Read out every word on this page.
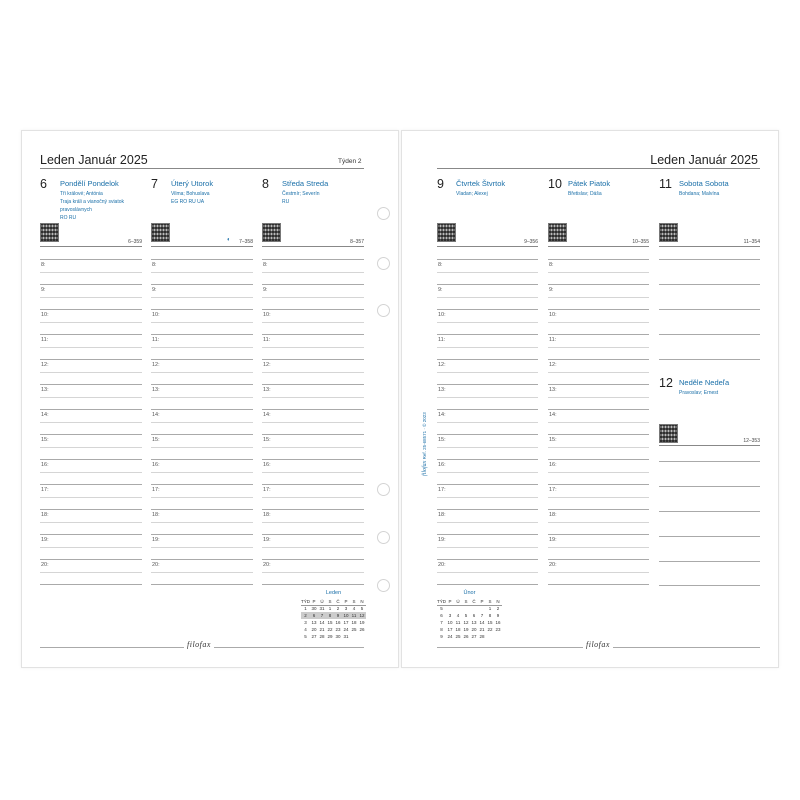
Leden Január 2025	Týden 2
6 Pondělí Pondelok
Tři králové; Antónia
Traja králi a vianočný sviatok
pravoslávnych
RO RU
6–359
7 Úterý Utorok
Vilma; Bohuslava
EG RO RU UA
◐ 7–358
8 Středa Streda
Čestmír; Severín
RU
8–357
8:
9:
10:
11:
12:
13:
14:
15:
16:
17:
18:
19:
20:
8:
9:
10:
11:
12:
13:
14:
15:
16:
17:
18:
19:
20:
8:
9:
10:
11:
12:
13:
14:
15:
16:
17:
18:
19:
20:
Leden
TÝD	P	Ú	S	Č	P	S	N
1	30	31	1	2	3	4	5
2	6	7	8	9	10	11	12
3	13	14	15	16	17	18	19
4	20	21	22	23	24	25	26
5	27	28	29	30	31		
filofax
Leden Január 2025
9 Čtvrtek Štvrtok
Vladan; Alexej
9–356
10 Pátek Piatok
Břetislav; Dáša
10–355
11 Sobota Sobota
Bohdana; Malvína
11–354
8:
9:
10:
11:
12:
13:
14:
15:
16:
17:
18:
19:
20:
8:
9:
10:
11:
12:
13:
14:
15:
16:
17:
18:
19:
20:
12 Neděle Nedeľa
Pravoslav; Ernest
12–353
Únor
TÝD	P	Ú	S	Č	P	S	N
5						1	2
6	3	4	5	6	7	8	9
7	10	11	12	13	14	15	16
8	17	18	19	20	21	22	23
9	24	25	26	27	28		
filofax Ref. 25-68571 · © 2023
filofax
